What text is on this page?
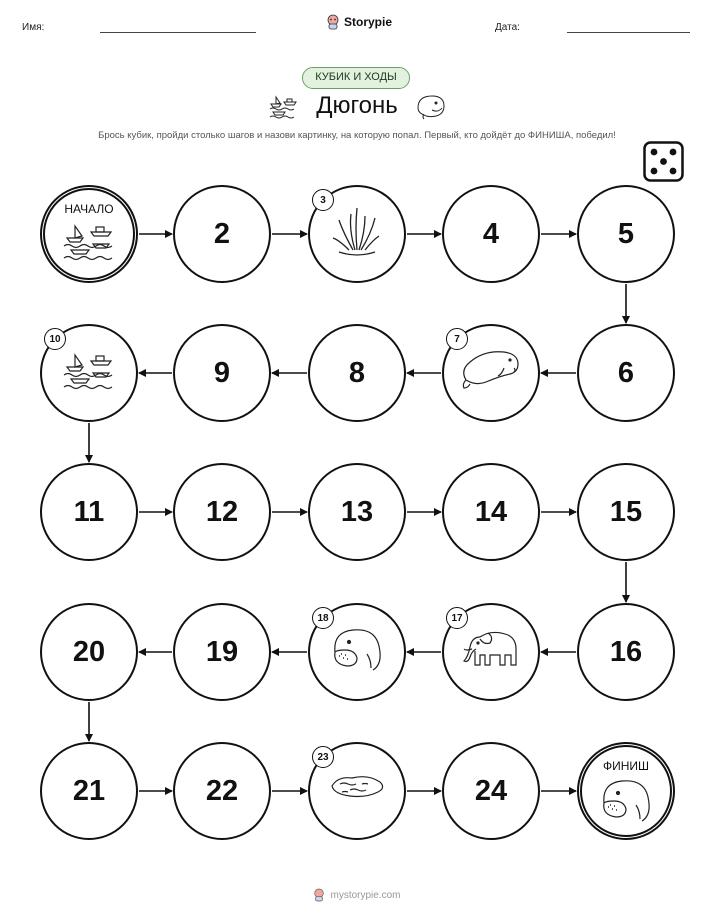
Имя:	Storypie	Дата:
КУБИК И ХОДЫ
Дюгонь
Брось кубик, пройди столько шагов и назови картинку, на которую попал. Первый, кто дойдёт до ФИНИША, победил!
НАЧАЛО
2
3
4	5
6
7
8
9
10
11	12	13	14	15
16
17
18
19
20
21	22
23
24
ФИНИШ
mystorypie.com
